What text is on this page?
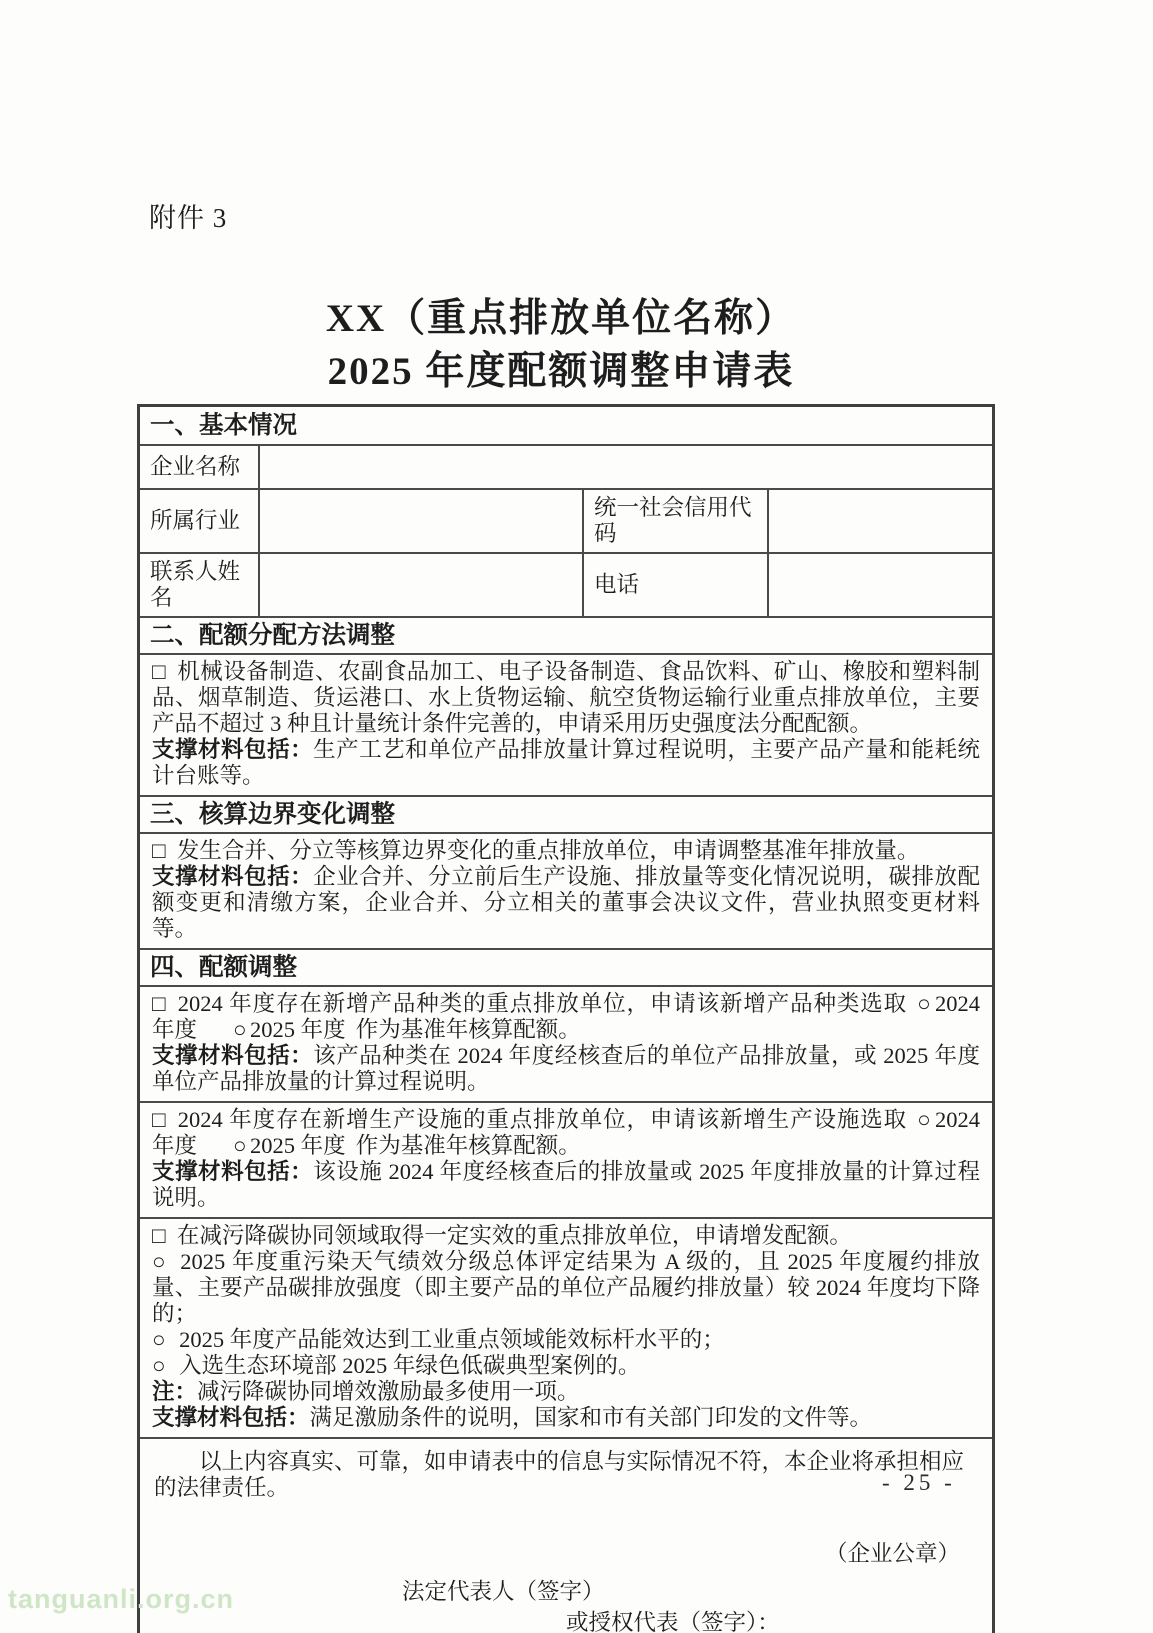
附件 3
XX（重点排放单位名称）
2025 年度配额调整申请表
一、基本情况
企业名称
所属行业
统一社会信用代码
联系人姓名
电话
二、配额分配方法调整

□ 机械设备制造、农副食品加工、电子设备制造、食品饮料、矿山、橡胶和塑料制品、烟草制造、货运港口、水上货物运输、航空货物运输行业重点排放单位，主要产品不超过 3 种且计量统计条件完善的，申请采用历史强度法分配配额。

支撑材料包括：生产工艺和单位产品排放量计算过程说明，主要产品产量和能耗统计台账等。

三、核算边界变化调整

□ 发生合并、分立等核算边界变化的重点排放单位，申请调整基准年排放量。

支撑材料包括：企业合并、分立前后生产设施、排放量等变化情况说明，碳排放配额变更和清缴方案，企业合并、分立相关的董事会决议文件，营业执照变更材料等。

四、配额调整

□ 2024 年度存在新增产品种类的重点排放单位，申请该新增产品种类选取 ○ 2024 年度 ○ 2025 年度 作为基准年核算配额。

支撑材料包括：该产品种类在 2024 年度经核查后的单位产品排放量，或 2025 年度单位产品排放量的计算过程说明。

□ 2024 年度存在新增生产设施的重点排放单位，申请该新增生产设施选取 ○ 2024 年度 ○ 2025 年度 作为基准年核算配额。

支撑材料包括：该设施 2024 年度经核查后的排放量或 2025 年度排放量的计算过程说明。

□ 在减污降碳协同领域取得一定实效的重点排放单位，申请增发配额。

○ 2025 年度重污染天气绩效分级总体评定结果为 A 级的，且 2025 年度履约排放量、主要产品碳排放强度（即主要产品的单位产品履约排放量）较 2024 年度均下降的；

○ 2025 年度产品能效达到工业重点领域能效标杆水平的；

○ 入选生态环境部 2025 年绿色低碳典型案例的。

注：减污降碳协同增效激励最多使用一项。

支撑材料包括：满足激励条件的说明，国家和市有关部门印发的文件等。

以上内容真实、可靠，如申请表中的信息与实际情况不符，本企业将承担相应的法律责任。

（企业公章）

法定代表人（签字）

或授权代表（签字）：

- 25 -
tanguanli.org.cn
